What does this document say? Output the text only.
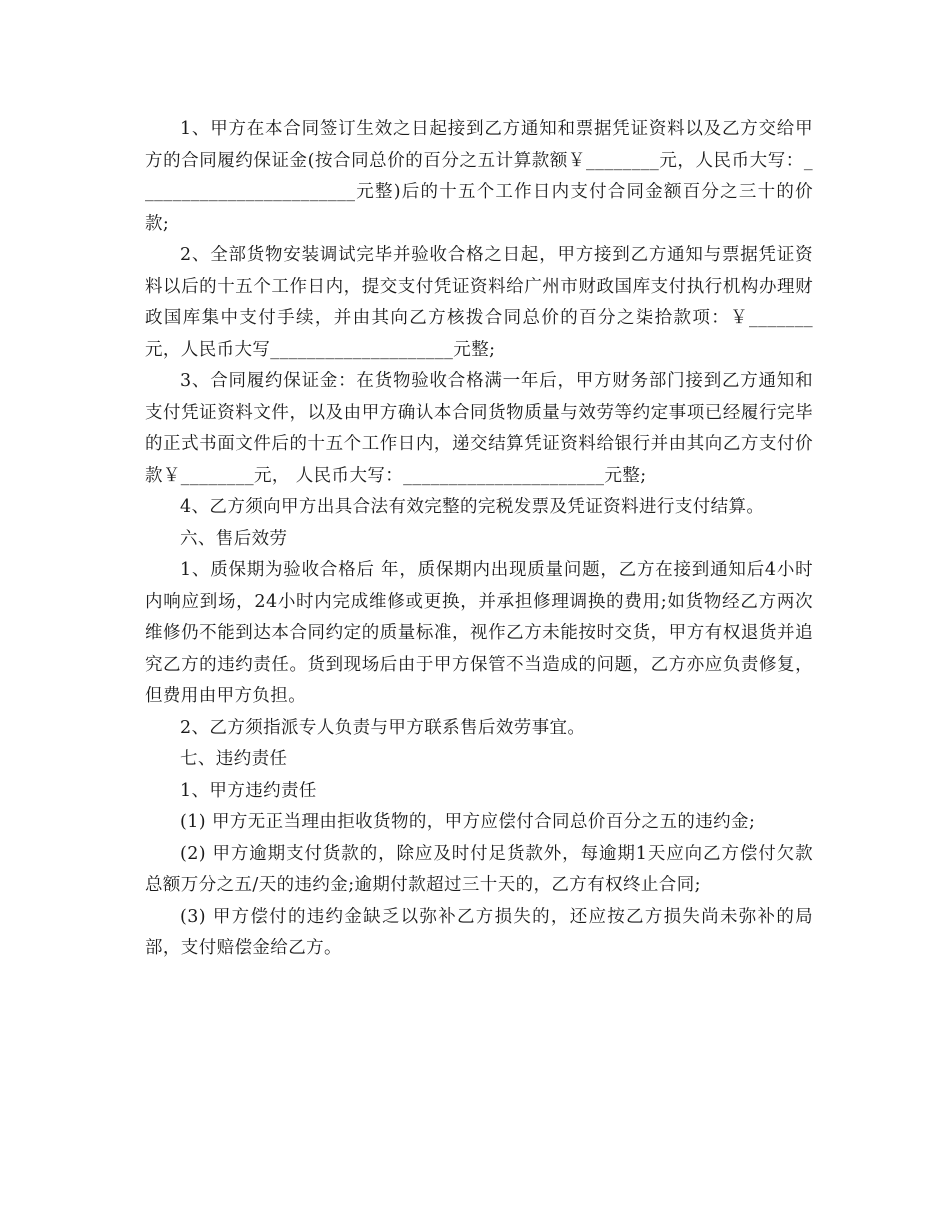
1、甲方在本合同签订生效之日起接到乙方通知和票据凭证资料以及乙方交给甲方的合同履约保证金(按合同总价的百分之五计算款额￥________元，人民币大写：________________________元整)后的十五个工作日内支付合同金额百分之三十的价款;

2、全部货物安装调试完毕并验收合格之日起，甲方接到乙方通知与票据凭证资料以后的十五个工作日内，提交支付凭证资料给广州市财政国库支付执行机构办理财政国库集中支付手续，并由其向乙方核拨合同总价的百分之柒拾款项：￥_______元，人民币大写____________________元整;

3、合同履约保证金：在货物验收合格满一年后，甲方财务部门接到乙方通知和支付凭证资料文件，以及由甲方确认本合同货物质量与效劳等约定事项已经履行完毕的正式书面文件后的十五个工作日内，递交结算凭证资料给银行并由其向乙方支付价款￥________元， 人民币大写：______________________元整;

4、乙方须向甲方出具合法有效完整的完税发票及凭证资料进行支付结算。

六、售后效劳

1、质保期为验收合格后 年，质保期内出现质量问题，乙方在接到通知后4小时内响应到场，24小时内完成维修或更换，并承担修理调换的费用;如货物经乙方两次维修仍不能到达本合同约定的质量标准，视作乙方未能按时交货，甲方有权退货并追究乙方的违约责任。货到现场后由于甲方保管不当造成的问题，乙方亦应负责修复，但费用由甲方负担。

2、乙方须指派专人负责与甲方联系售后效劳事宜。

七、违约责任

1、甲方违约责任

(1) 甲方无正当理由拒收货物的，甲方应偿付合同总价百分之五的违约金;

(2) 甲方逾期支付货款的，除应及时付足货款外，每逾期1天应向乙方偿付欠款总额万分之五/天的违约金;逾期付款超过三十天的，乙方有权终止合同;

(3) 甲方偿付的违约金缺乏以弥补乙方损失的，还应按乙方损失尚未弥补的局部，支付赔偿金给乙方。
